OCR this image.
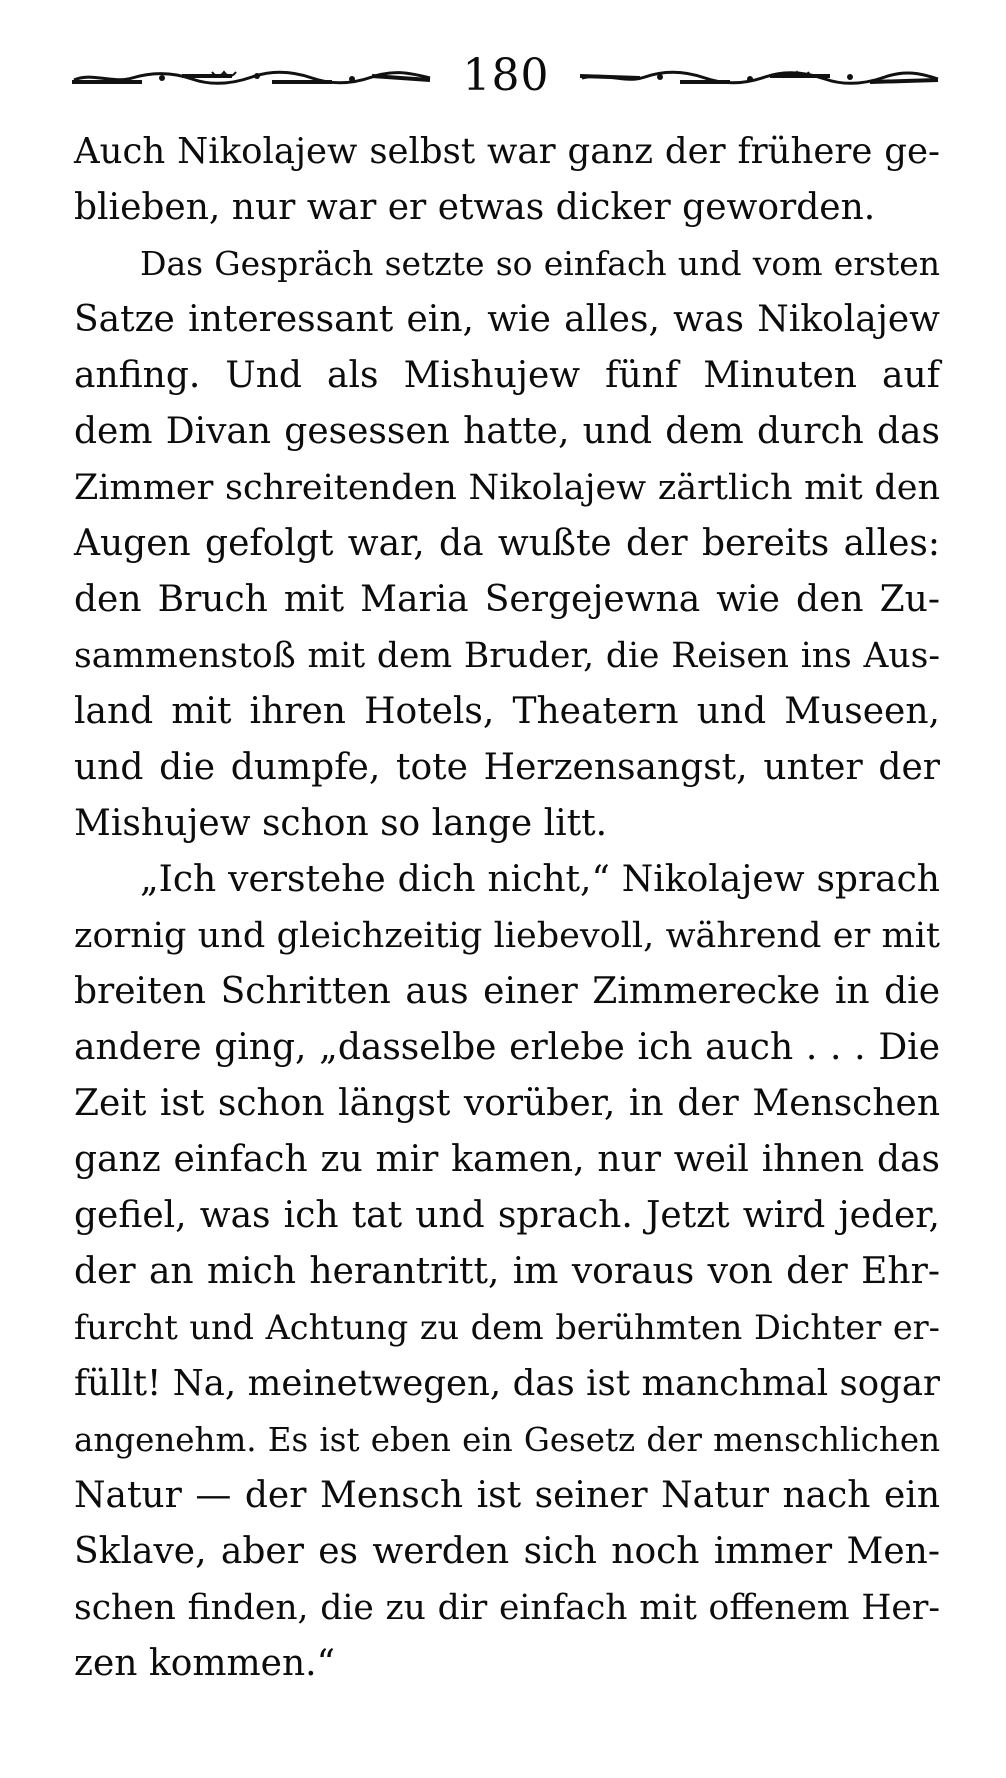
180
Auch Nikolajew selbst war ganz der frühere ge-
blieben, nur war er etwas dicker geworden.
Das Gespräch setzte so einfach und vom ersten
Satze interessant ein, wie alles, was Nikolajew
anfing. Und als Mishujew fünf Minuten auf
dem Divan gesessen hatte, und dem durch das
Zimmer schreitenden Nikolajew zärtlich mit den
Augen gefolgt war, da wußte der bereits alles:
den Bruch mit Maria Sergejewna wie den Zu-
sammenstoß mit dem Bruder, die Reisen ins Aus-
land mit ihren Hotels, Theatern und Museen,
und die dumpfe, tote Herzensangst, unter der
Mishujew schon so lange litt.
„Ich verstehe dich nicht,“ Nikolajew sprach
zornig und gleichzeitig liebevoll, während er mit
breiten Schritten aus einer Zimmerecke in die
andere ging, „dasselbe erlebe ich auch . . . Die
Zeit ist schon längst vorüber, in der Menschen
ganz einfach zu mir kamen, nur weil ihnen das
gefiel, was ich tat und sprach. Jetzt wird jeder,
der an mich herantritt, im voraus von der Ehr-
furcht und Achtung zu dem berühmten Dichter er-
füllt! Na, meinetwegen, das ist manchmal sogar
angenehm. Es ist eben ein Gesetz der menschlichen
Natur — der Mensch ist seiner Natur nach ein
Sklave, aber es werden sich noch immer Men-
schen finden, die zu dir einfach mit offenem Her-
zen kommen.“
